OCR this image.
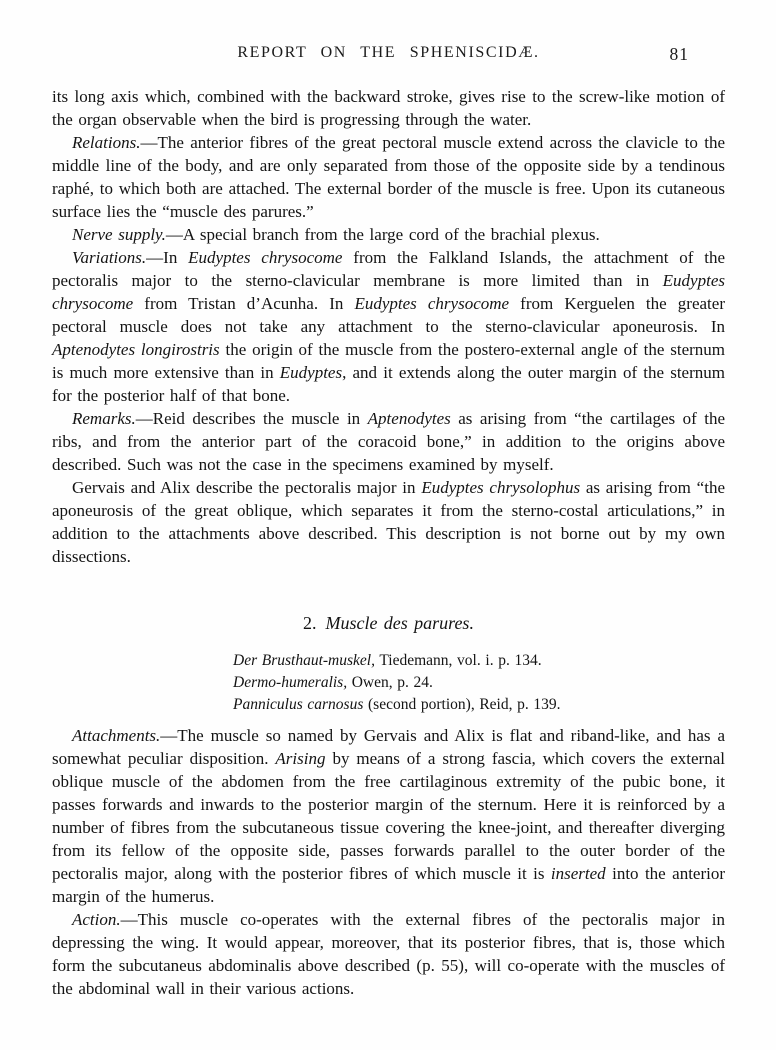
REPORT ON THE SPHENISCIDÆ.	81

its long axis which, combined with the backward stroke, gives rise to the screw-like motion of the organ observable when the bird is progressing through the water.

Relations.—The anterior fibres of the great pectoral muscle extend across the clavicle to the middle line of the body, and are only separated from those of the opposite side by a tendinous raphé, to which both are attached. The external border of the muscle is free. Upon its cutaneous surface lies the “muscle des parures.”

Nerve supply.—A special branch from the large cord of the brachial plexus.

Variations.—In Eudyptes chrysocome from the Falkland Islands, the attachment of the pectoralis major to the sterno-clavicular membrane is more limited than in Eudyptes chrysocome from Tristan d’Acunha. In Eudyptes chrysocome from Kerguelen the greater pectoral muscle does not take any attachment to the sterno-clavicular aponeurosis. In Aptenodytes longirostris the origin of the muscle from the postero-external angle of the sternum is much more extensive than in Eudyptes, and it extends along the outer margin of the sternum for the posterior half of that bone.

Remarks.—Reid describes the muscle in Aptenodytes as arising from “the cartilages of the ribs, and from the anterior part of the coracoid bone,” in addition to the origins above described. Such was not the case in the specimens examined by myself.

Gervais and Alix describe the pectoralis major in Eudyptes chrysolophus as arising from “the aponeurosis of the great oblique, which separates it from the sterno-costal articulations,” in addition to the attachments above described. This description is not borne out by my own dissections.

2. Muscle des parures.
Der Brusthaut-muskel, Tiedemann, vol. i. p. 134.
Dermo-humeralis, Owen, p. 24.
Panniculus carnosus (second portion), Reid, p. 139.

Attachments.—The muscle so named by Gervais and Alix is flat and riband-like, and has a somewhat peculiar disposition. Arising by means of a strong fascia, which covers the external oblique muscle of the abdomen from the free cartilaginous extremity of the pubic bone, it passes forwards and inwards to the posterior margin of the sternum. Here it is reinforced by a number of fibres from the subcutaneous tissue covering the knee-joint, and thereafter diverging from its fellow of the opposite side, passes forwards parallel to the outer border of the pectoralis major, along with the posterior fibres of which muscle it is inserted into the anterior margin of the humerus.

Action.—This muscle co-operates with the external fibres of the pectoralis major in depressing the wing. It would appear, moreover, that its posterior fibres, that is, those which form the subcutaneus abdominalis above described (p. 55), will co-operate with the muscles of the abdominal wall in their various actions.
